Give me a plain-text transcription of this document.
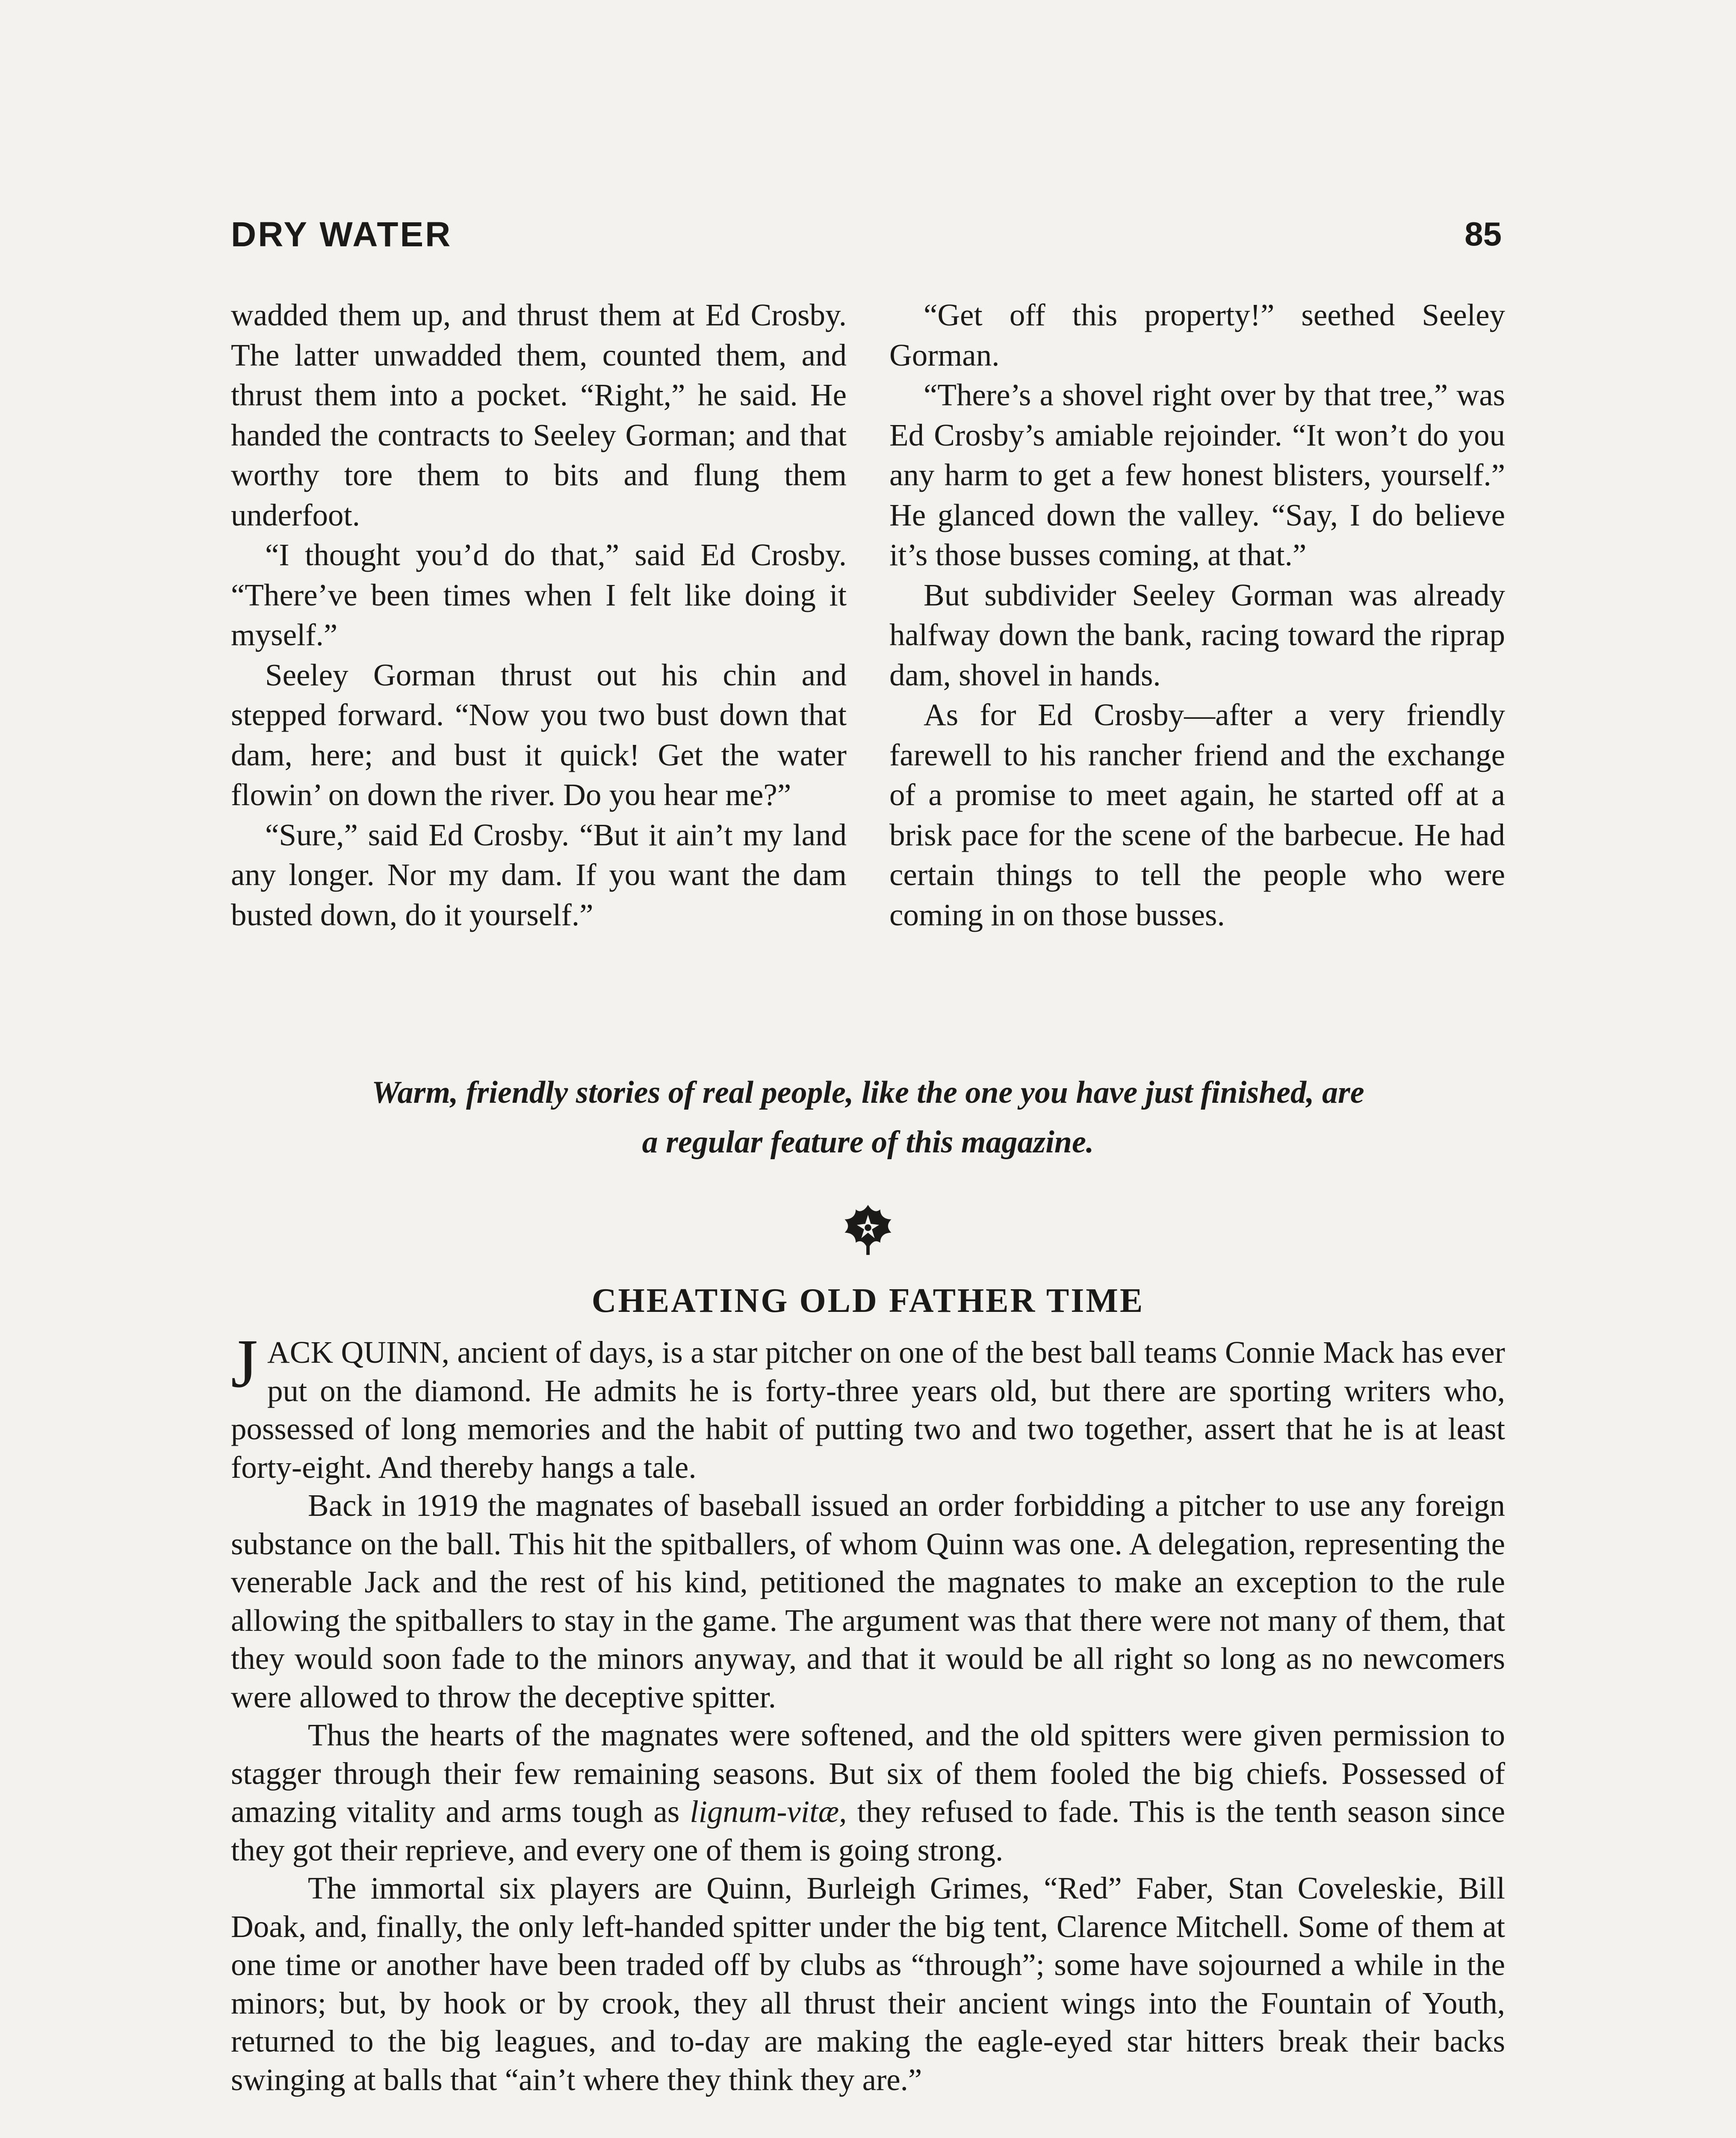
DRY WATER	85

wadded them up, and thrust them at Ed Crosby. The latter unwadded them, counted them, and thrust them into a pocket. “Right,” he said. He handed the contracts to Seeley Gorman; and that worthy tore them to bits and flung them underfoot.

“I thought you’d do that,” said Ed Crosby. “There’ve been times when I felt like doing it myself.”

Seeley Gorman thrust out his chin and stepped forward. “Now you two bust down that dam, here; and bust it quick! Get the water flowin’ on down the river. Do you hear me?”

“Sure,” said Ed Crosby. “But it ain’t my land any longer. Nor my dam. If you want the dam busted down, do it yourself.”

“Get off this property!” seethed Seeley Gorman.

“There’s a shovel right over by that tree,” was Ed Crosby’s amiable rejoinder. “It won’t do you any harm to get a few honest blisters, yourself.” He glanced down the valley. “Say, I do believe it’s those busses coming, at that.”

But subdivider Seeley Gorman was already halfway down the bank, racing toward the riprap dam, shovel in hands.

As for Ed Crosby—after a very friendly farewell to his rancher friend and the exchange of a promise to meet again, he started off at a brisk pace for the scene of the barbecue. He had certain things to tell the people who were coming in on those busses.

Warm, friendly stories of real people, like the one you have just finished, are
a regular feature of this magazine.
CHEATING OLD FATHER TIME

JACK QUINN, ancient of days, is a star pitcher on one of the best ball teams Connie Mack has ever put on the diamond. He admits he is forty-three years old, but there are sporting writers who, possessed of long memories and the habit of putting two and two together, assert that he is at least forty-eight. And thereby hangs a tale.

Back in 1919 the magnates of baseball issued an order forbidding a pitcher to use any foreign substance on the ball. This hit the spitballers, of whom Quinn was one. A delegation, representing the venerable Jack and the rest of his kind, petitioned the magnates to make an exception to the rule allowing the spitballers to stay in the game. The argument was that there were not many of them, that they would soon fade to the minors anyway, and that it would be all right so long as no newcomers were allowed to throw the deceptive spitter.

Thus the hearts of the magnates were softened, and the old spitters were given permission to stagger through their few remaining seasons. But six of them fooled the big chiefs. Possessed of amazing vitality and arms tough as lignum-vitæ, they refused to fade. This is the tenth season since they got their reprieve, and every one of them is going strong.

The immortal six players are Quinn, Burleigh Grimes, “Red” Faber, Stan Coveleskie, Bill Doak, and, finally, the only left-handed spitter under the big tent, Clarence Mitchell. Some of them at one time or another have been traded off by clubs as “through”; some have sojourned a while in the minors; but, by hook or by crook, they all thrust their ancient wings into the Fountain of Youth, returned to the big leagues, and to-day are making the eagle-eyed star hitters break their backs swinging at balls that “ain’t where they think they are.”
